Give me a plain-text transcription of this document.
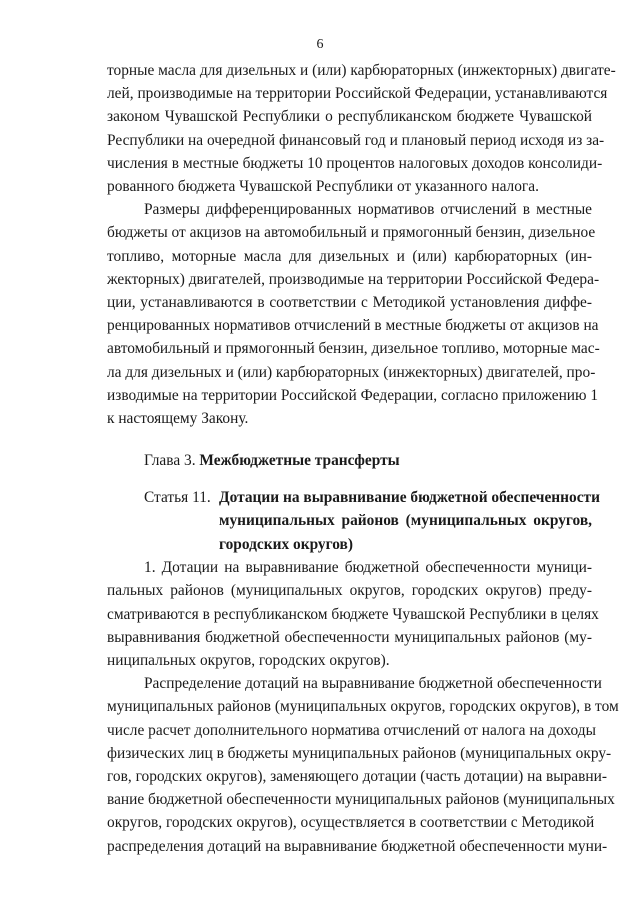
6
торные масла для дизельных и (или) карбюраторных (инжекторных) двигате-
лей, производимые на территории Российской Федерации, устанавливаются
законом Чувашской Республики о республиканском бюджете Чувашской
Республики на очередной финансовый год и плановый период исходя из за-
числения в местные бюджеты 10 процентов налоговых доходов консолиди-
рованного бюджета Чувашской Республики от указанного налога.
Размеры дифференцированных нормативов отчислений в местные
бюджеты от акцизов на автомобильный и прямогонный бензин, дизельное
топливо, моторные масла для дизельных и (или) карбюраторных (ин-
жекторных) двигателей, производимые на территории Российской Федера-
ции, устанавливаются в соответствии с Методикой установления диффе-
ренцированных нормативов отчислений в местные бюджеты от акцизов на
автомобильный и прямогонный бензин, дизельное топливо, моторные мас-
ла для дизельных и (или) карбюраторных (инжекторных) двигателей, про-
изводимые на территории Российской Федерации, согласно приложению 1
к настоящему Закону.
Глава 3. Межбюджетные трансферты
Статья 11. Дотации на выравнивание бюджетной обеспеченности
муниципальных районов (муниципальных округов,
городских округов)
1. Дотации на выравнивание бюджетной обеспеченности муници-
пальных районов (муниципальных округов, городских округов) преду-
сматриваются в республиканском бюджете Чувашской Республики в целях
выравнивания бюджетной обеспеченности муниципальных районов (му-
ниципальных округов, городских округов).
Распределение дотаций на выравнивание бюджетной обеспеченности
муниципальных районов (муниципальных округов, городских округов), в том
числе расчет дополнительного норматива отчислений от налога на доходы
физических лиц в бюджеты муниципальных районов (муниципальных окру-
гов, городских округов), заменяющего дотации (часть дотации) на выравни-
вание бюджетной обеспеченности муниципальных районов (муниципальных
округов, городских округов), осуществляется в соответствии с Методикой
распределения дотаций на выравнивание бюджетной обеспеченности муни-
